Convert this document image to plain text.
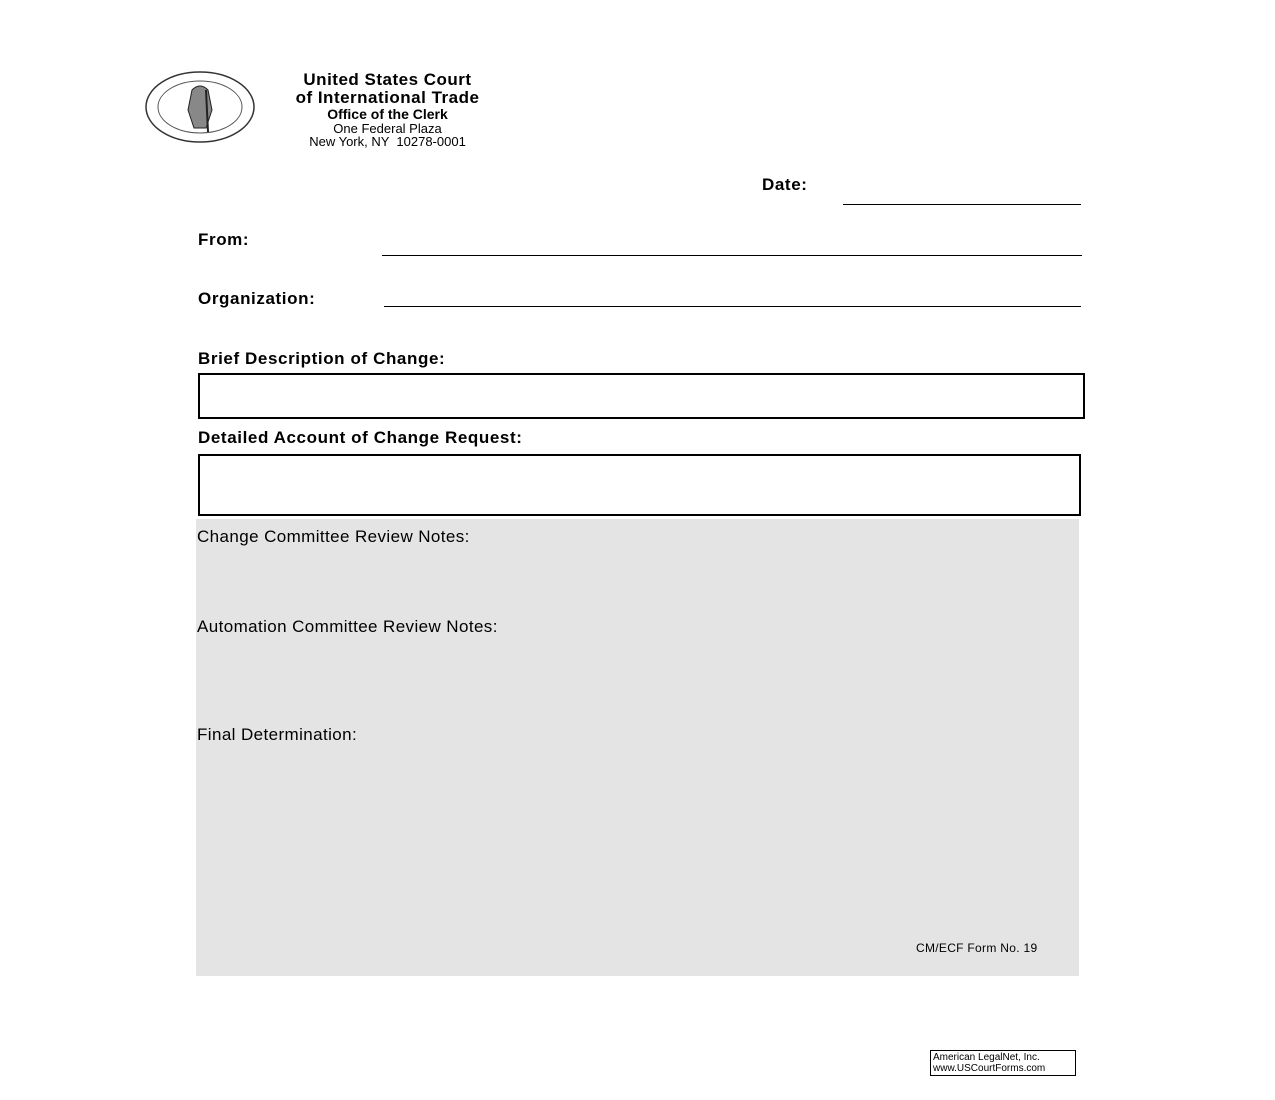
United States Court
of International Trade
Office of the Clerk
One Federal Plaza
New York, NY  10278-0001
Date:
From:
Organization:
Brief Description of Change:
Detailed Account of Change Request:
Change Committee Review Notes:
Automation Committee Review Notes:
Final Determination:
CM/ECF Form No. 19
American LegalNet, Inc.
www.USCourtForms.com
